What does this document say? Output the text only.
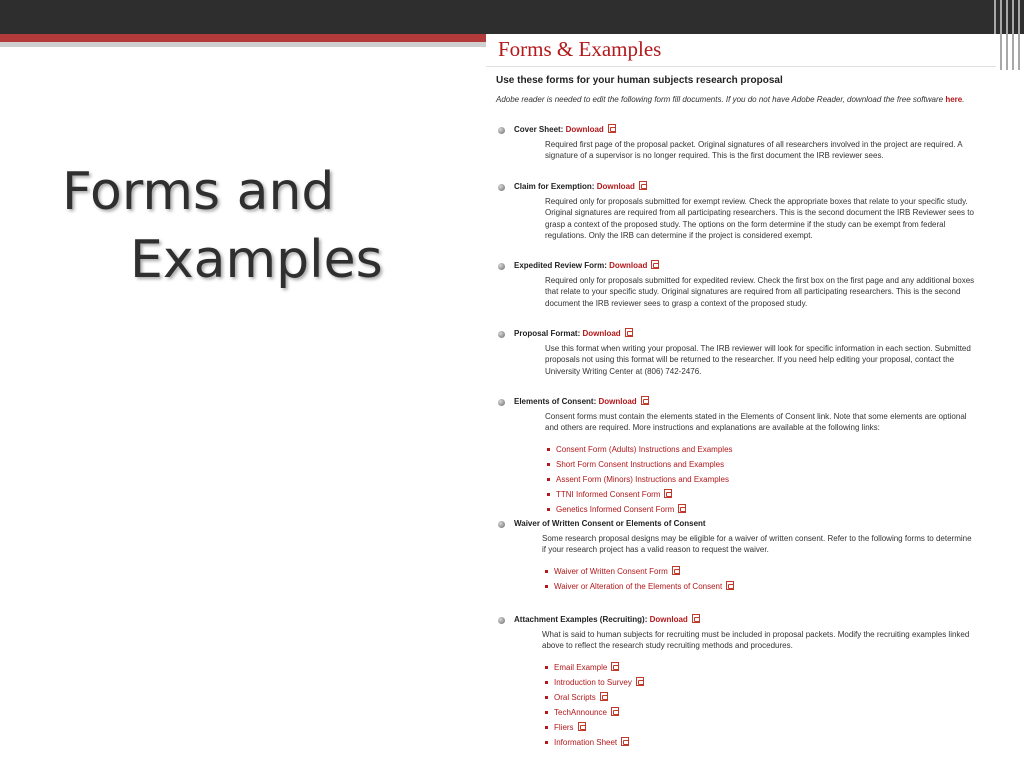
Forms and
Examples
Forms & Examples
Use these forms for your human subjects research proposal
Adobe reader is needed to edit the following form fill documents. If you do not have Adobe Reader, download the free software here.
Cover Sheet: Download
Required first page of the proposal packet. Original signatures of all researchers involved in the project are required. A signature of a supervisor is no longer required. This is the first document the IRB reviewer sees.
Claim for Exemption: Download
Required only for proposals submitted for exempt review. Check the appropriate boxes that relate to your specific study. Original signatures are required from all participating researchers. This is the second document the IRB Reviewer sees to grasp a context of the proposed study. The options on the form determine if the study can be exempt from federal regulations. Only the IRB can determine if the project is considered exempt.
Expedited Review Form: Download
Required only for proposals submitted for expedited review. Check the first box on the first page and any additional boxes that relate to your specific study. Original signatures are required from all participating researchers. This is the second document the IRB reviewer sees to grasp a context of the proposed study.
Proposal Format: Download
Use this format when writing your proposal. The IRB reviewer will look for specific information in each section. Submitted proposals not using this format will be returned to the researcher. If you need help editing your proposal, contact the University Writing Center at (806) 742-2476.
Elements of Consent: Download
Consent forms must contain the elements stated in the Elements of Consent link. Note that some elements are optional and others are required. More instructions and explanations are available at the following links:
Consent Form (Adults) Instructions and Examples
Short Form Consent Instructions and Examples
Assent Form (Minors) Instructions and Examples
TTNI Informed Consent Form
Genetics Informed Consent Form
Waiver of Written Consent or Elements of Consent
Some research proposal designs may be eligible for a waiver of written consent. Refer to the following forms to determine if your research project has a valid reason to request the waiver.
Waiver of Written Consent Form
Waiver or Alteration of the Elements of Consent
Attachment Examples (Recruiting): Download
What is said to human subjects for recruiting must be included in proposal packets. Modify the recruiting examples linked above to reflect the research study recruiting methods and procedures.
Email Example
Introduction to Survey
Oral Scripts
TechAnnounce
Fliers
Information Sheet
